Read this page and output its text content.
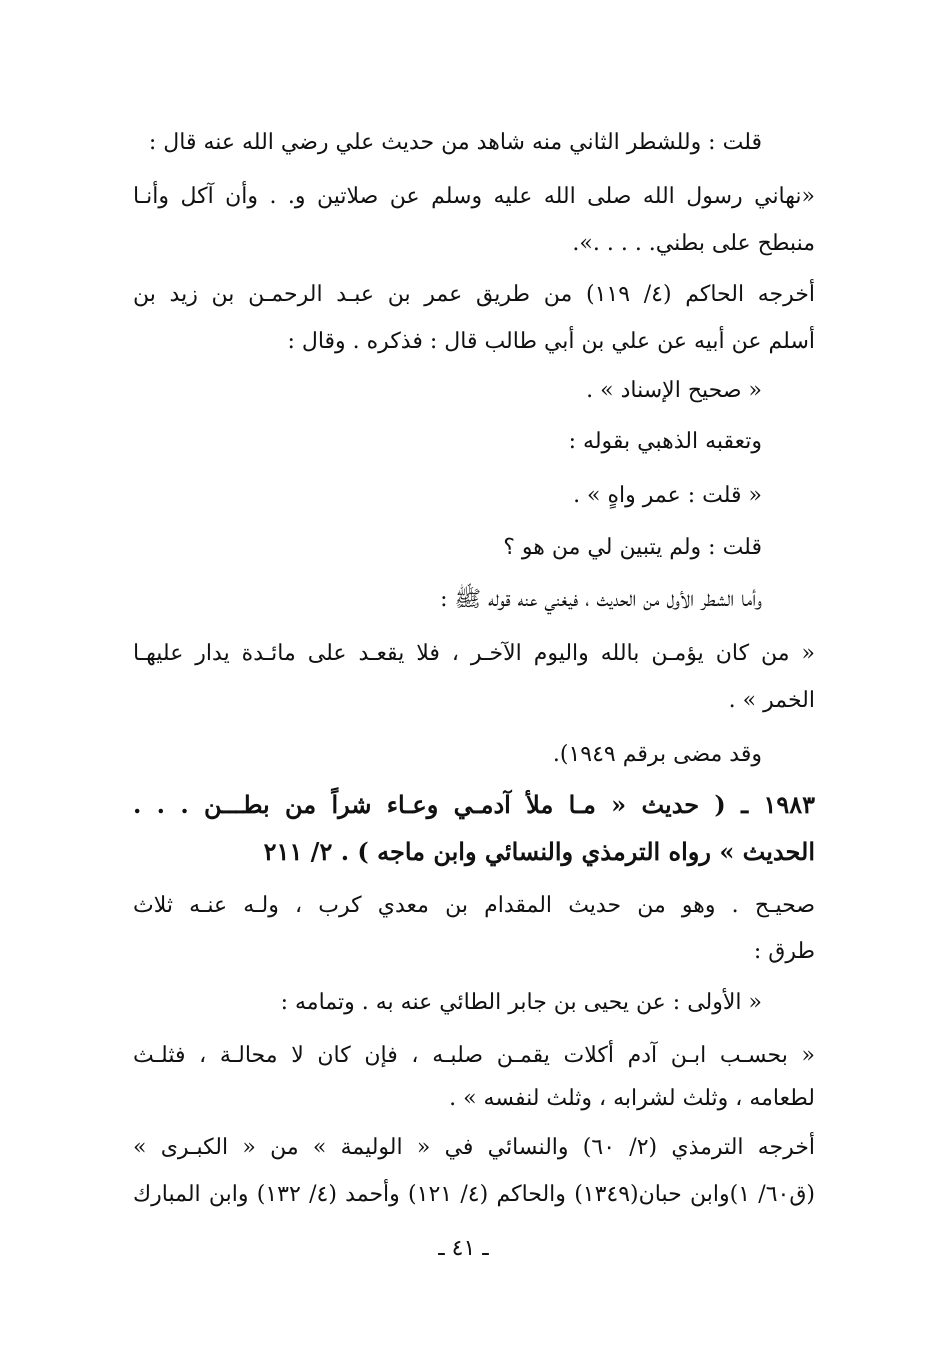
قلت : وللشطر الثاني منه شاهد من حديث علي رضي الله عنه قال :
«نهاني رسول الله صلى الله عليه وسلم عن صلاتين و. . وأن آكل وأنـا
منبطح على بطني. . . . .».
أخرجه الحاكم (٤/ ١١٩) من طريق عمر بن عبـد الرحمـن بن زيد بن
أسلم عن أبيه عن علي بن أبي طالب قال : فذكره . وقال :
« صحيح الإسناد » .
وتعقبه الذهبي بقوله :
« قلت : عمر واهٍ » .
قلت : ولم يتبين لي من هو ؟
وأما الشطر الأول من الحديث ، فيغني عنه قوله ﷺ :
« من كان يؤمـن بالله واليوم الآخـر ، فلا يقعـد على مائـدة يدار عليهـا
الخمر » .
وقد مضى برقم ١٩٤٩).
١٩٨٣ ـ ( حديث « مـا ملأ آدمـي وعـاء شراً من بطـــن . . .
الحديث » رواه الترمذي والنسائي وابن ماجه ) . ٢/ ٢١١
صحيـح . وهو من حديث المقدام بن معدي كرب ، ولـه عنـه ثلاث
طرق :
« الأولى : عن يحيى بن جابر الطائي عنه به . وتمامه :
« بحسـب ابـن آدم أكلات يقمـن صلبـه ، فإن كان لا محالـة ، فثلـث
لطعامه ، وثلث لشرابه ، وثلث لنفسه » .
أخرجه الترمذي (٢/ ٦٠) والنسائي في « الوليمة » من « الكبـرى »
(ق٦٠/ ١)وابن حبان(١٣٤٩) والحاكم (٤/ ١٢١) وأحمد (٤/ ١٣٢) وابن المبارك
ـ ٤١ ـ
